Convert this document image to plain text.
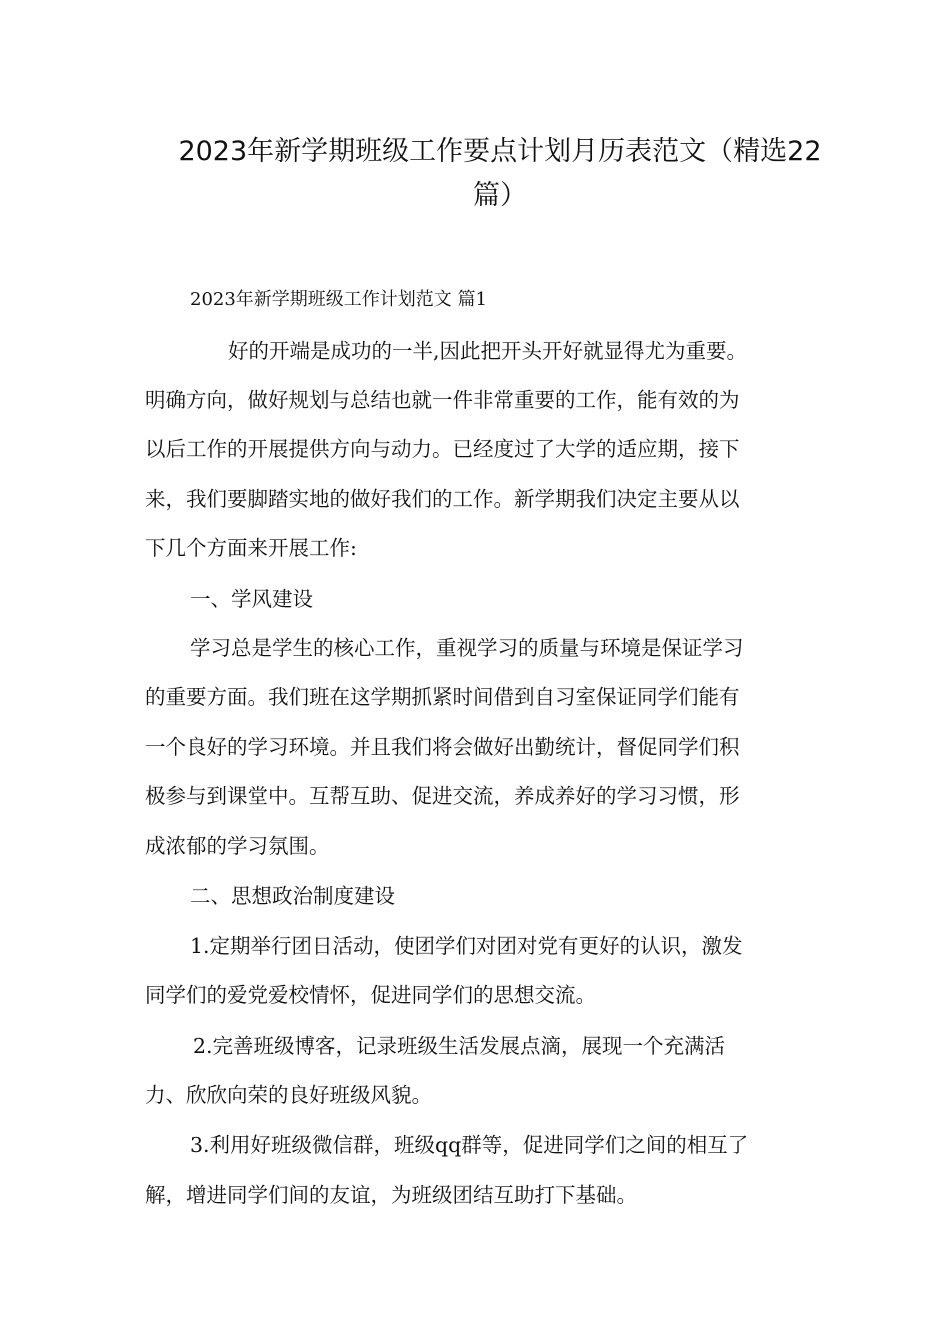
2023年新学期班级工作要点计划月历表范文（精选22
篇）
2023年新学期班级工作计划范文 篇1
好的开端是成功的一半,因此把开头开好就显得尤为重要。
明确方向，做好规划与总结也就一件非常重要的工作，能有效的为
以后工作的开展提供方向与动力。已经度过了大学的适应期，接下
来，我们要脚踏实地的做好我们的工作。新学期我们决定主要从以
下几个方面来开展工作:
一、学风建设
学习总是学生的核心工作，重视学习的质量与环境是保证学习
的重要方面。我们班在这学期抓紧时间借到自习室保证同学们能有
一个良好的学习环境。并且我们将会做好出勤统计，督促同学们积
极参与到课堂中。互帮互助、促进交流，养成养好的学习习惯，形
成浓郁的学习氛围。
二、思想政治制度建设
1.定期举行团日活动，使团学们对团对党有更好的认识，激发
同学们的爱党爱校情怀，促进同学们的思想交流。
2.完善班级博客，记录班级生活发展点滴，展现一个充满活
力、欣欣向荣的良好班级风貌。
3.利用好班级微信群，班级qq群等，促进同学们之间的相互了
解，增进同学们间的友谊，为班级团结互助打下基础。
